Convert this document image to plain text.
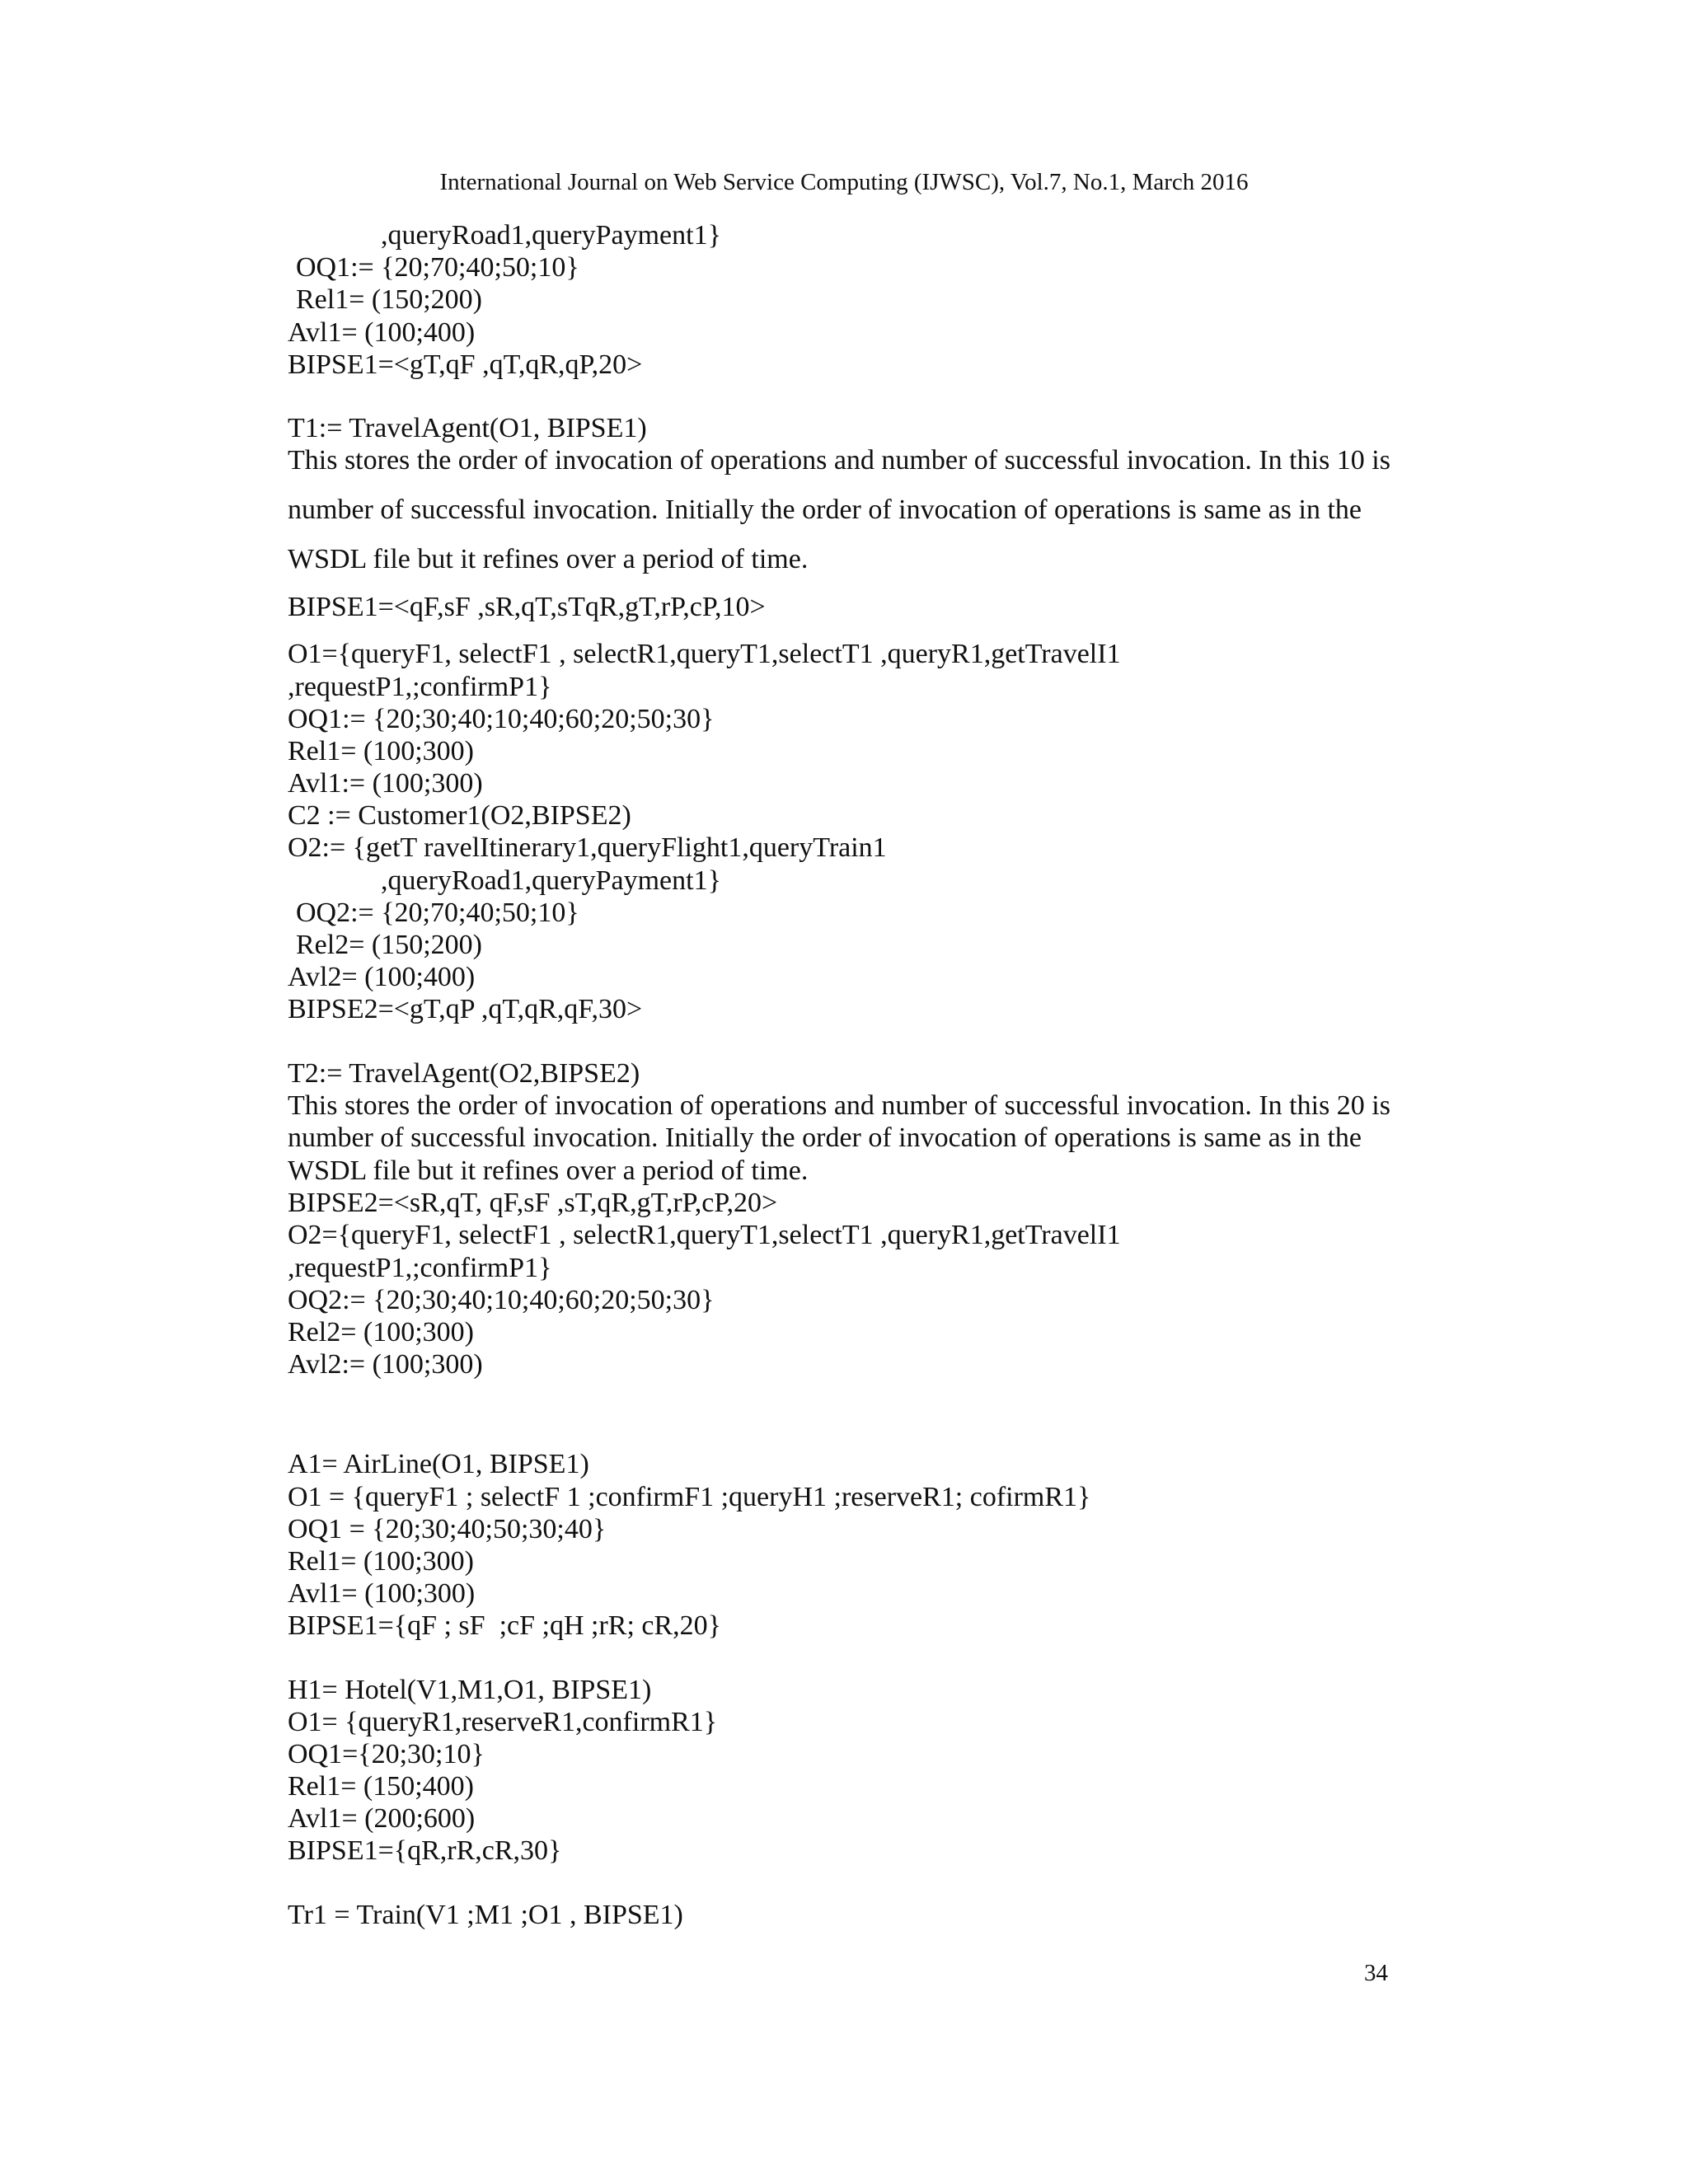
International Journal on Web Service Computing (IJWSC), Vol.7, No.1, March 2016
,queryRoad1,queryPayment1}
OQ1:= {20;70;40;50;10}
Rel1= (150;200)
Avl1= (100;400)
BIPSE1=<gT,qF ,qT,qR,qP,20>
T1:= TravelAgent(O1, BIPSE1)
This stores the order of invocation of operations and number of successful invocation. In this 10 is number of successful invocation. Initially the order of invocation of operations is same as in the WSDL file but it refines over a period of time.
BIPSE1=<qF,sF ,sR,qT,sTqR,gT,rP,cP,10>
O1={queryF1, selectF1 , selectR1,queryT1,selectT1 ,queryR1,getTravelI1
,requestP1,;confirmP1}
OQ1:= {20;30;40;10;40;60;20;50;30}
Rel1= (100;300)
Avl1:= (100;300)
C2 := Customer1(O2,BIPSE2)
O2:= {getT ravelItinerary1,queryFlight1,queryTrain1
,queryRoad1,queryPayment1}
OQ2:= {20;70;40;50;10}
Rel2= (150;200)
Avl2= (100;400)
BIPSE2=<gT,qP ,qT,qR,qF,30>
T2:= TravelAgent(O2,BIPSE2)
This stores the order of invocation of operations and number of successful invocation. In this 20 is number of successful invocation. Initially the order of invocation of operations is same as in the WSDL file but it refines over a period of time.
BIPSE2=<sR,qT, qF,sF ,sT,qR,gT,rP,cP,20>
O2={queryF1, selectF1 , selectR1,queryT1,selectT1 ,queryR1,getTravelI1
,requestP1,;confirmP1}
OQ2:= {20;30;40;10;40;60;20;50;30}
Rel2= (100;300)
Avl2:= (100;300)
A1= AirLine(O1, BIPSE1)
O1 = {queryF1 ; selectF 1 ;confirmF1 ;queryH1 ;reserveR1; cofirmR1}
OQ1 = {20;30;40;50;30;40}
Rel1= (100;300)
Avl1= (100;300)
BIPSE1={qF ; sF  ;cF ;qH ;rR; cR,20}
H1= Hotel(V1,M1,O1, BIPSE1)
O1= {queryR1,reserveR1,confirmR1}
OQ1={20;30;10}
Rel1= (150;400)
Avl1= (200;600)
BIPSE1={qR,rR,cR,30}
Tr1 = Train(V1 ;M1 ;O1 , BIPSE1)
34
